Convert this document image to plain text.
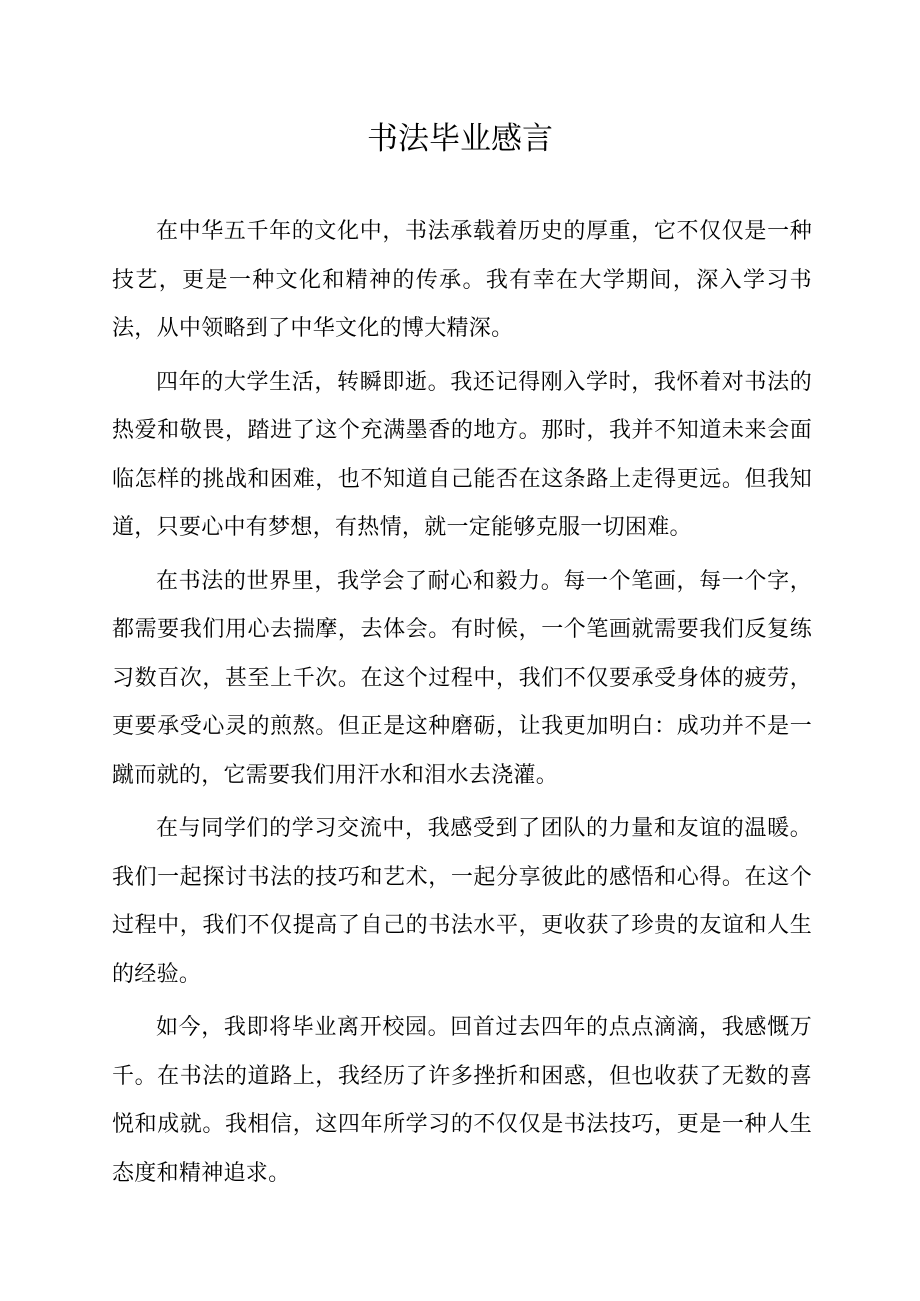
书法毕业感言

在中华五千年的文化中，书法承载着历史的厚重，它不仅仅是一种技艺，更是一种文化和精神的传承。我有幸在大学期间，深入学习书法，从中领略到了中华文化的博大精深。

四年的大学生活，转瞬即逝。我还记得刚入学时，我怀着对书法的热爱和敬畏，踏进了这个充满墨香的地方。那时，我并不知道未来会面临怎样的挑战和困难，也不知道自己能否在这条路上走得更远。但我知道，只要心中有梦想，有热情，就一定能够克服一切困难。

在书法的世界里，我学会了耐心和毅力。每一个笔画，每一个字，都需要我们用心去揣摩，去体会。有时候，一个笔画就需要我们反复练习数百次，甚至上千次。在这个过程中，我们不仅要承受身体的疲劳，更要承受心灵的煎熬。但正是这种磨砺，让我更加明白：成功并不是一蹴而就的，它需要我们用汗水和泪水去浇灌。

在与同学们的学习交流中，我感受到了团队的力量和友谊的温暖。我们一起探讨书法的技巧和艺术，一起分享彼此的感悟和心得。在这个过程中，我们不仅提高了自己的书法水平，更收获了珍贵的友谊和人生的经验。

如今，我即将毕业离开校园。回首过去四年的点点滴滴，我感慨万千。在书法的道路上，我经历了许多挫折和困惑，但也收获了无数的喜悦和成就。我相信，这四年所学习的不仅仅是书法技巧，更是一种人生态度和精神追求。
